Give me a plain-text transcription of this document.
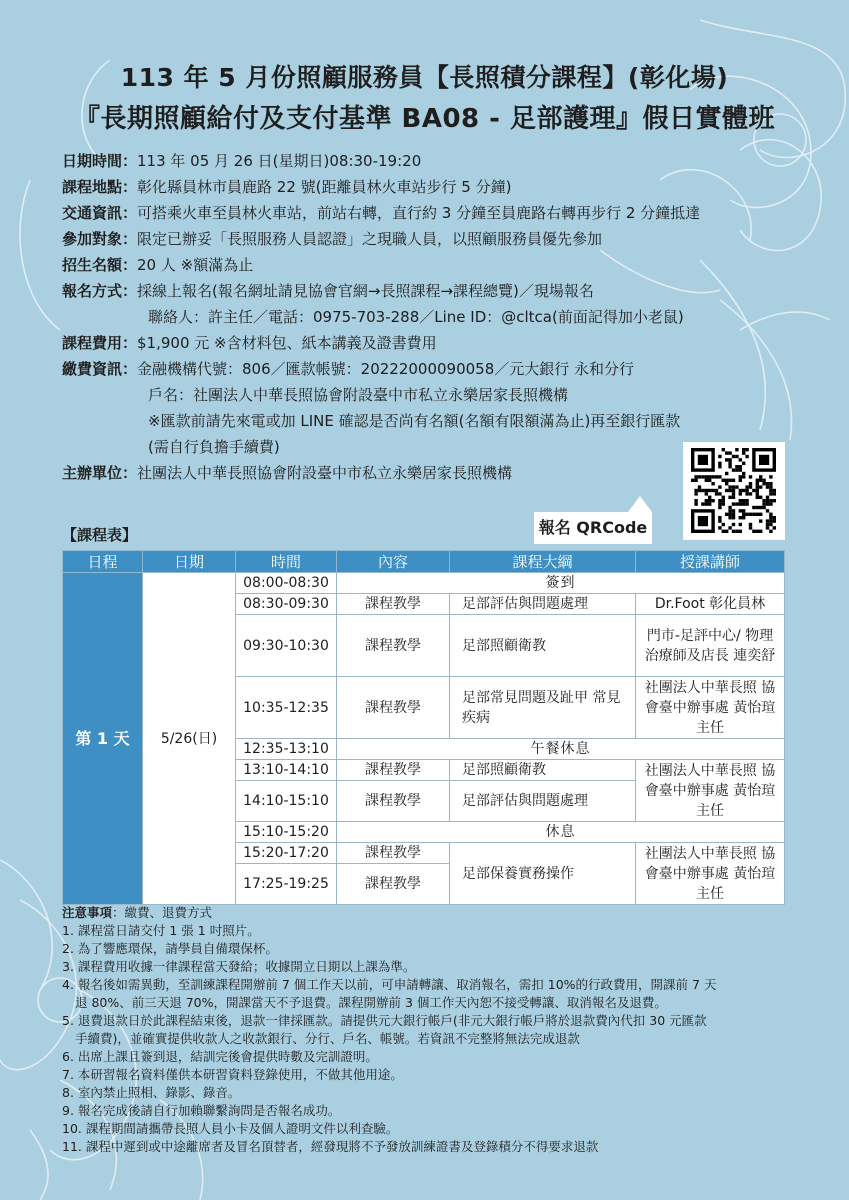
113 年 5 月份照顧服務員【長照積分課程】(彰化場)
『長期照顧給付及支付基準 BA08 - 足部護理』假日實體班
日期時間： 113 年 05 月 26 日(星期日)08:30-19:20
課程地點： 彰化縣員林市員鹿路 22 號(距離員林火車站步行 5 分鐘)
交通資訊： 可搭乘火車至員林火車站，前站右轉，直行約 3 分鐘至員鹿路右轉再步行 2 分鐘抵達
參加對象： 限定已辦妥「長照服務人員認證」之現職人員，以照顧服務員優先參加
招生名額： 20 人 ※額滿為止
報名方式： 採線上報名(報名網址請見協會官網→長照課程→課程總覽)／現場報名
聯絡人：許主任／電話：0975-703-288／Line ID：@cltca(前面記得加小老鼠)
課程費用： $1,900 元 ※含材料包、紙本講義及證書費用
繳費資訊： 金融機構代號：806／匯款帳號：20222000090058／元大銀行 永和分行
戶名：社團法人中華長照協會附設臺中市私立永樂居家長照機構
※匯款前請先來電或加 LINE 確認是否尚有名額(名額有限額滿為止)再至銀行匯款
(需自行負擔手續費)
主辦單位： 社團法人中華長照協會附設臺中市私立永樂居家長照機構
報名 QRCode
【課程表】
日程	日期	時間	內容	課程大綱	授課講師
第 1 天	5/26(日)	08:00-08:30	簽到		
		08:30-09:30	課程教學	足部評估與問題處理	Dr.Foot 彰化員林
		09:30-10:30	課程教學	足部照顧衛教	門市-足評中心/ 物理治療師及店長 連奕舒
		10:35-12:35	課程教學	足部常見問題及趾甲 常見疾病	社團法人中華長照 協會臺中辦事處 黃怡瑄主任
		12:35-13:10	午餐休息		
		13:10-14:10	課程教學	足部照顧衛教	社團法人中華長照 協會臺中辦事處 黃怡瑄主任
		14:10-15:10	課程教學	足部評估與問題處理	
		15:10-15:20	休息		
		15:20-17:20	課程教學	足部保養實務操作	社團法人中華長照 協會臺中辦事處 黃怡瑄主任
		17:25-19:25	課程教學		
注意事項：繳費、退費方式
1. 課程當日請交付 1 張 1 吋照片。
2. 為了響應環保，請學員自備環保杯。
3. 課程費用收據一律課程當天發給；收據開立日期以上課為準。
4. 報名後如需異動，至訓練課程開辦前 7 個工作天以前，可申請轉讓、取消報名，需扣 10%的行政費用，開課前 7 天
退 80%、前三天退 70%，開課當天不予退費。課程開辦前 3 個工作天內恕不接受轉讓、取消報名及退費。
5. 退費退款日於此課程結束後，退款一律採匯款。請提供元大銀行帳戶(非元大銀行帳戶將於退款費內代扣 30 元匯款
手續費)，並確實提供收款人之收款銀行、分行、戶名、帳號。若資訊不完整將無法完成退款
6. 出席上課且簽到退，結訓完後會提供時數及完訓證明。
7. 本研習報名資料僅供本研習資料登錄使用，不做其他用途。
8. 室內禁止照相、錄影、錄音。
9. 報名完成後請自行加賴聯繫詢問是否報名成功。
10. 課程期間請攜帶長照人員小卡及個人證明文件以利查驗。
11. 課程中遲到或中途離席者及冒名頂替者，經發現將不予發放訓練證書及登錄積分不得要求退款
